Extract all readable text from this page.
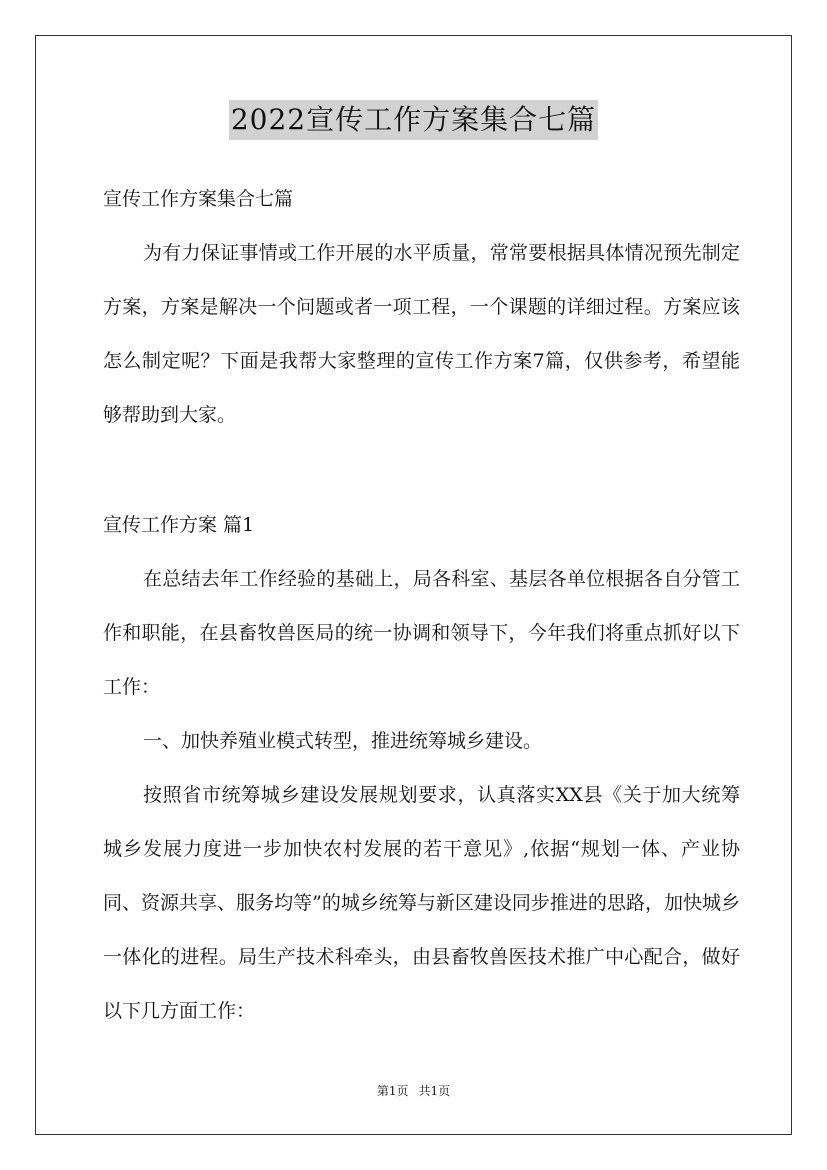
2022宣传工作方案集合七篇

宣传工作方案集合七篇

为有力保证事情或工作开展的水平质量，常常要根据具体情况预先制定方案，方案是解决一个问题或者一项工程，一个课题的详细过程。方案应该怎么制定呢？下面是我帮大家整理的宣传工作方案7篇，仅供参考，希望能够帮助到大家。

宣传工作方案 篇1

在总结去年工作经验的基础上，局各科室、基层各单位根据各自分管工作和职能，在县畜牧兽医局的统一协调和领导下，今年我们将重点抓好以下工作：

一、加快养殖业模式转型，推进统筹城乡建设。

按照省市统筹城乡建设发展规划要求，认真落实XX县《关于加大统筹城乡发展力度进一步加快农村发展的若干意见》,依据“规划一体、产业协同、资源共享、服务均等”的城乡统筹与新区建设同步推进的思路，加快城乡一体化的进程。局生产技术科牵头，由县畜牧兽医技术推广中心配合，做好以下几方面工作：

第1页 共1页
